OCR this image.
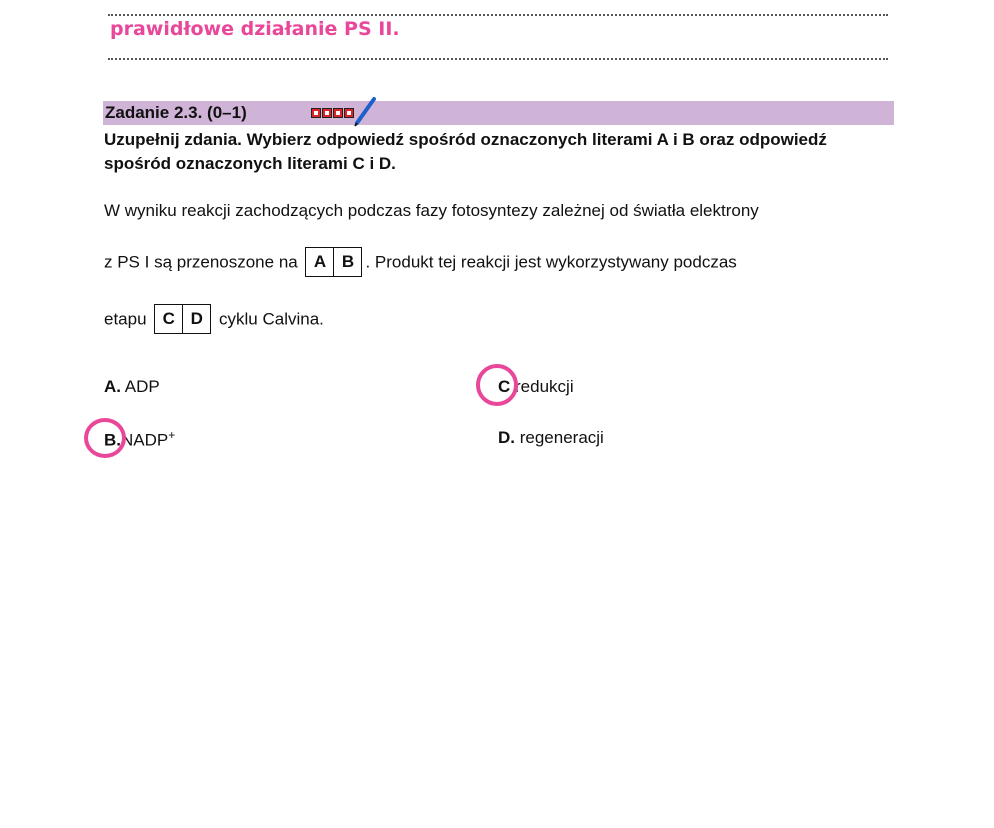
prawidłowe działanie PS II.
Zadanie 2.3. (0–1)
Uzupełnij zdania. Wybierz odpowiedź spośród oznaczonych literami A i B oraz odpowiedź spośród oznaczonych literami C i D.
W wyniku reakcji zachodzących podczas fazy fotosyntezy zależnej od światła elektrony
z PS I są przenoszone na A B . Produkt tej reakcji jest wykorzystywany podczas
etapu C D cyklu Calvina.
A. ADP
B.NADP+
C redukcji
D. regeneracji
